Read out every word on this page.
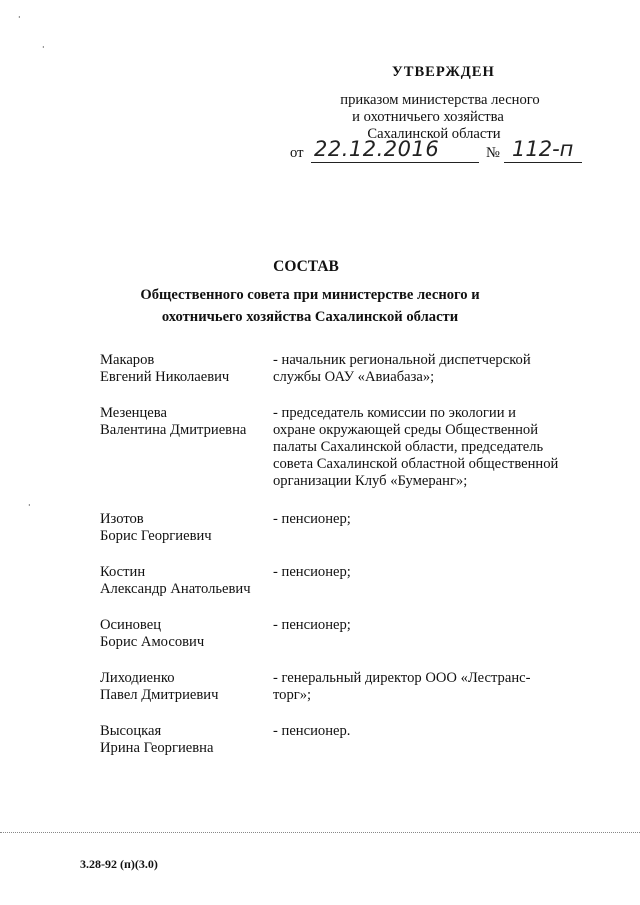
УТВЕРЖДЕН
приказом министерства лесного
и охотничьего хозяйства
Сахалинской области
от 22.12.2016	№ 112-п
СОСТАВ
Общественного совета при министерстве лесного и
охотничьего хозяйства Сахалинской области
Макаров
Евгений Николаевич
- начальник региональной диспетчерской
службы ОАУ «Авиабаза»;
Мезенцева
Валентина Дмитриевна
- председатель комиссии по экологии и
охране окружающей среды Общественной
палаты Сахалинской области, председатель
совета Сахалинской областной общественной
организации Клуб «Бумеранг»;
Изотов
Борис Георгиевич
- пенсионер;
Костин
Александр Анатольевич
- пенсионер;
Осиновец
Борис Амосович
- пенсионер;
Лиходиенко
Павел Дмитриевич
- генеральный директор ООО «Лестранс-
торг»;
Высоцкая
Ирина Георгиевна
- пенсионер.
⸳
⸳
⸳
3.28-92 (п)(3.0)
